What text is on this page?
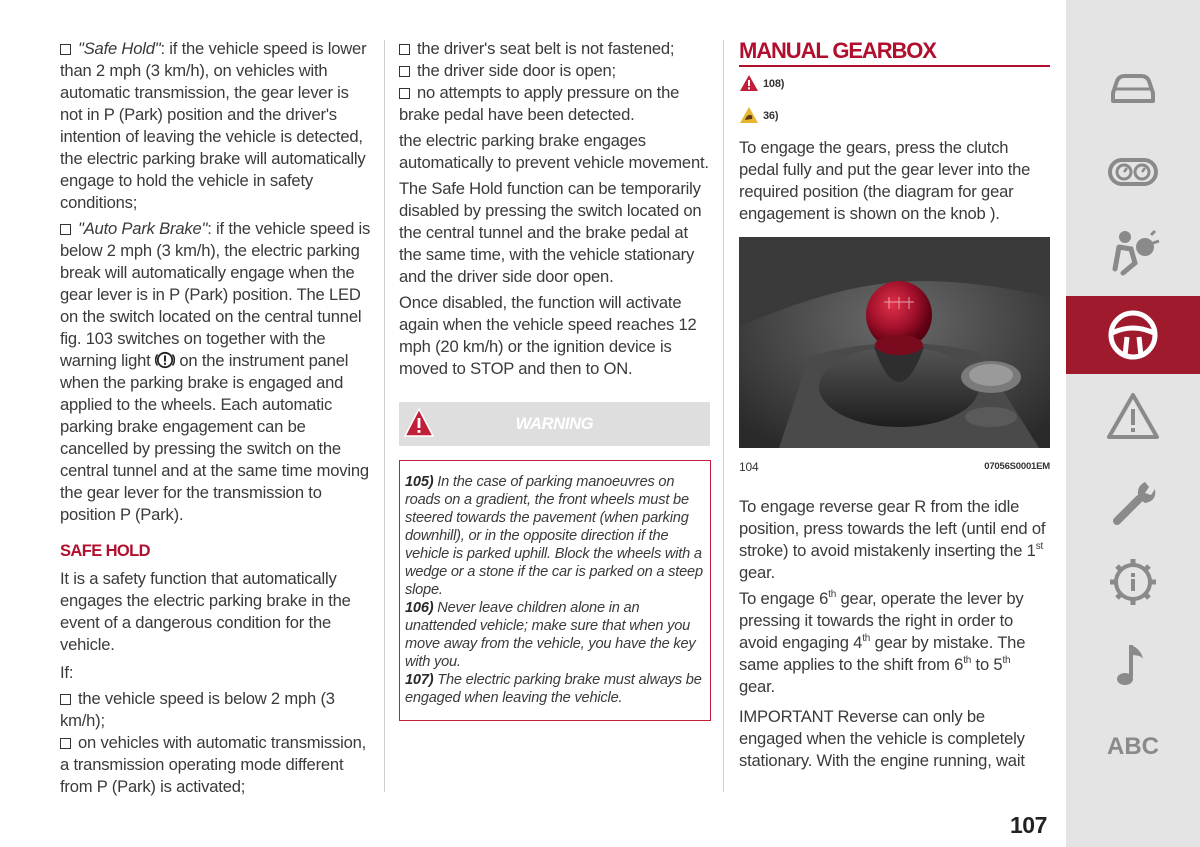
"Safe Hold": if the vehicle speed is lower than 2 mph (3 km/h), on vehicles with automatic transmission, the gear lever is not in P (Park) position and the driver's intention of leaving the vehicle is detected, the electric parking brake will automatically engage to hold the vehicle in safety conditions;

"Auto Park Brake": if the vehicle speed is below 2 mph (3 km/h), the electric parking break will automatically engage when the gear lever is in P (Park) position. The LED on the switch located on the central tunnel fig. 103 switches on together with the warning light  on the instrument panel when the parking brake is engaged and applied to the wheels. Each automatic parking brake engagement can be cancelled by pressing the switch on the central tunnel and at the same time moving the gear lever for the transmission to position P (Park).

SAFE HOLD

It is a safety function that automatically engages the electric parking brake in the event of a dangerous condition for the vehicle.

If:

the vehicle speed is below 2 mph (3 km/h);

on vehicles with automatic transmission, a transmission operating mode different from P (Park) is activated;

the driver's seat belt is not fastened;

the driver side door is open;

no attempts to apply pressure on the brake pedal have been detected.

the electric parking brake engages automatically to prevent vehicle movement.

The Safe Hold function can be temporarily disabled by pressing the switch located on the central tunnel and the brake pedal at the same time, with the vehicle stationary and the driver side door open.

Once disabled, the function will activate again when the vehicle speed reaches 12 mph (20 km/h) or the ignition device is moved to STOP and then to ON.

WARNING
105) In the case of parking manoeuvres on roads on a gradient, the front wheels must be steered towards the pavement (when parking downhill), or in the opposite direction if the vehicle is parked uphill. Block the wheels with a wedge or a stone if the car is parked on a steep slope.
106) Never leave children alone in an unattended vehicle; make sure that when you move away from the vehicle, you have the key with you.
107) The electric parking brake must always be engaged when leaving the vehicle.
MANUAL GEARBOX
108)
36)

To engage the gears, press the clutch pedal fully and put the gear lever into the required position (the diagram for gear engagement is shown on the knob ).

104	07056S0001EM

To engage reverse gear R from the idle position, press towards the left (until end of stroke) to avoid mistakenly inserting the 1st gear.

To engage 6th gear, operate the lever by pressing it towards the right in order to avoid engaging 4th gear by mistake. The same applies to the shift from 6th to 5th gear.

IMPORTANT Reverse can only be engaged when the vehicle is completely stationary. With the engine running, wait

ABC
107
